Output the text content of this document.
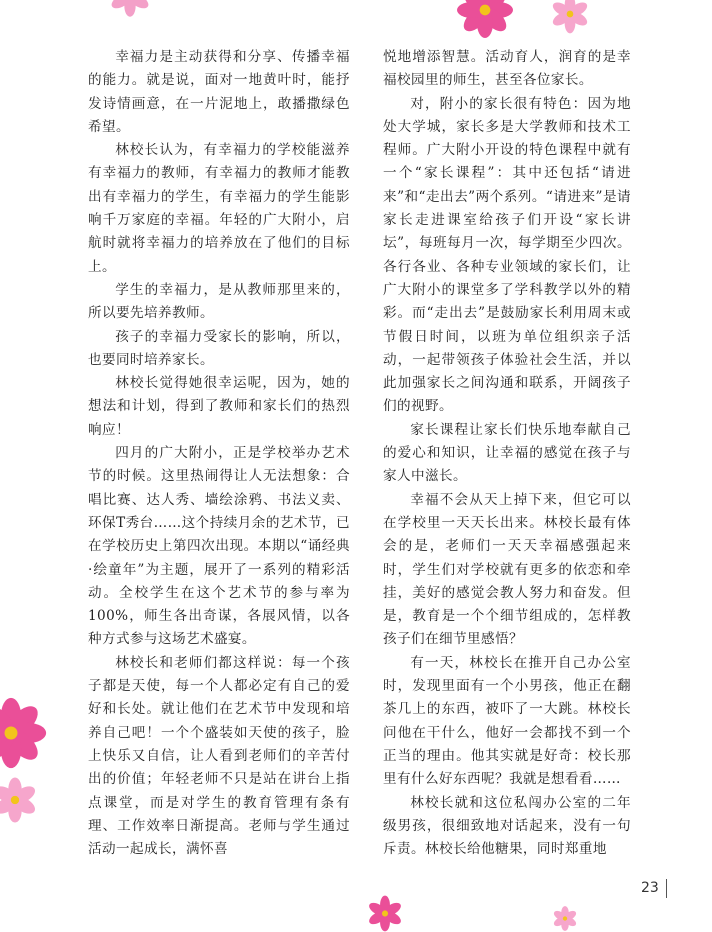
幸福力是主动获得和分享、传播幸福的能力。就是说，面对一地黄叶时，能抒发诗情画意，在一片泥地上，敢播撒绿色希望。

林校长认为，有幸福力的学校能滋养有幸福力的教师，有幸福力的教师才能教出有幸福力的学生，有幸福力的学生能影响千万家庭的幸福。年轻的广大附小，启航时就将幸福力的培养放在了他们的目标上。

学生的幸福力，是从教师那里来的，所以要先培养教师。

孩子的幸福力受家长的影响，所以，也要同时培养家长。

林校长觉得她很幸运呢，因为，她的想法和计划，得到了教师和家长们的热烈响应！

四月的广大附小，正是学校举办艺术节的时候。这里热闹得让人无法想象：合唱比赛、达人秀、墙绘涂鸦、书法义卖、环保T秀台……这个持续月余的艺术节，已在学校历史上第四次出现。本期以“诵经典·绘童年”为主题，展开了一系列的精彩活动。全校学生在这个艺术节的参与率为100%，师生各出奇谋，各展风情，以各种方式参与这场艺术盛宴。

林校长和老师们都这样说：每一个孩子都是天使，每一个人都必定有自己的爱好和长处。就让他们在艺术节中发现和培养自己吧！一个个盛装如天使的孩子，脸上快乐又自信，让人看到老师们的辛苦付出的价值；年轻老师不只是站在讲台上指点课堂，而是对学生的教育管理有条有理、工作效率日渐提高。老师与学生通过活动一起成长，满怀喜

悦地增添智慧。活动育人，润育的是幸福校园里的师生，甚至各位家长。

对，附小的家长很有特色：因为地处大学城，家长多是大学教师和技术工程师。广大附小开设的特色课程中就有一个“家长课程”：其中还包括“请进来”和“走出去”两个系列。“请进来”是请家长走进课室给孩子们开设“家长讲坛”，每班每月一次，每学期至少四次。各行各业、各种专业领域的家长们，让广大附小的课堂多了学科教学以外的精彩。而“走出去”是鼓励家长利用周末或节假日时间，以班为单位组织亲子活动，一起带领孩子体验社会生活，并以此加强家长之间沟通和联系，开阔孩子们的视野。

家长课程让家长们快乐地奉献自己的爱心和知识，让幸福的感觉在孩子与家人中滋长。

幸福不会从天上掉下来，但它可以在学校里一天天长出来。林校长最有体会的是，老师们一天天幸福感强起来时，学生们对学校就有更多的依恋和牵挂，美好的感觉会教人努力和奋发。但是，教育是一个个细节组成的，怎样教孩子们在细节里感悟？

有一天，林校长在推开自己办公室时，发现里面有一个小男孩，他正在翻茶几上的东西，被吓了一大跳。林校长问他在干什么，他好一会都找不到一个正当的理由。他其实就是好奇：校长那里有什么好东西呢？我就是想看看……

林校长就和这位私闯办公室的二年级男孩，很细致地对话起来，没有一句斥责。林校长给他糖果，同时郑重地

23
